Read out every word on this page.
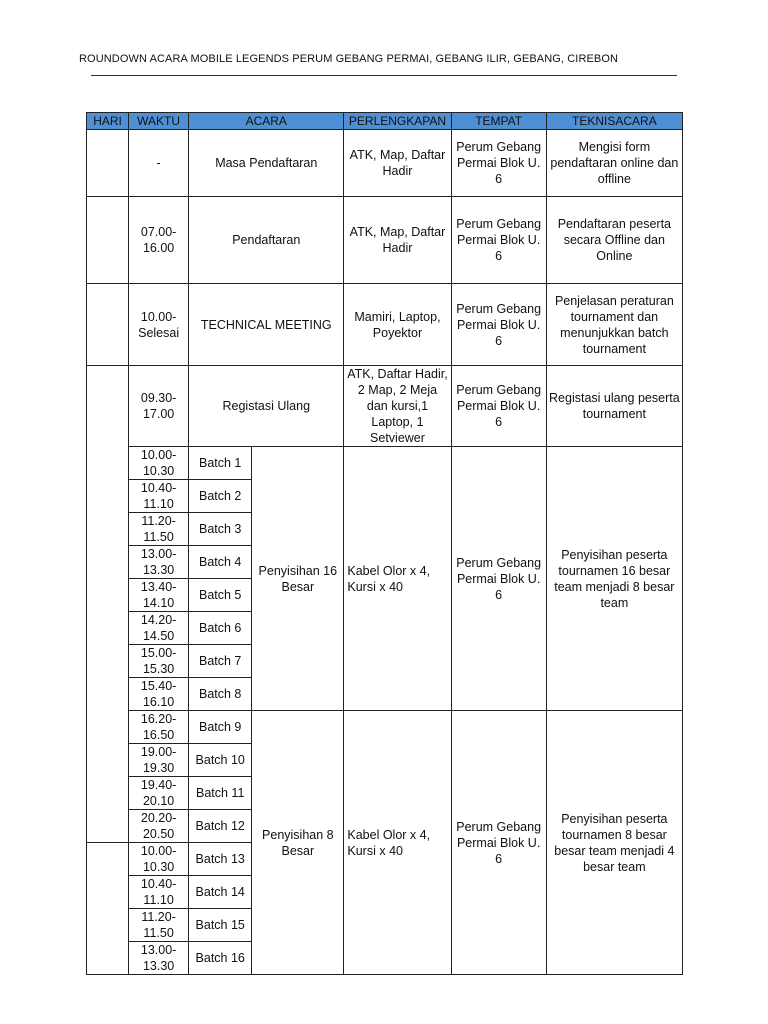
ROUNDOWN ACARA MOBILE LEGENDS PERUM GEBANG PERMAI, GEBANG ILIR, GEBANG, CIREBON
HARI	WAKTU	ACARA		PERLENGKAPAN	TEMPAT	TEKNISACARA
	-	Masa Pendaftaran		ATK, Map, Daftar Hadir	Perum Gebang Permai Blok U. 6	Mengisi form pendaftaran online dan offline
	07.00-16.00	Pendaftaran		ATK, Map, Daftar Hadir	Perum Gebang Permai Blok U. 6	Pendaftaran peserta secara Offline dan Online
	10.00-Selesai	TECHNICAL MEETING		Mamiri, Laptop, Poyektor	Perum Gebang Permai Blok U. 6	Penjelasan peraturan tournament dan menunjukkan batch tournament
	09.30-17.00	Registasi Ulang		ATK, Daftar Hadir, 2 Map, 2 Meja dan kursi,1 Laptop, 1 Setviewer	Perum Gebang Permai Blok U. 6	Registasi ulang peserta tournament
	10.00-10.30	Batch 1	Penyisihan 16 Besar	Kabel Olor x 4, Kursi x 40	Perum Gebang Permai Blok U. 6	Penyisihan peserta tournamen 16 besar team menjadi 8 besar team
	10.40-11.10	Batch 2				
	11.20-11.50	Batch 3				
	13.00-13.30	Batch 4				
	13.40-14.10	Batch 5				
	14.20-14.50	Batch 6				
	15.00-15.30	Batch 7				
	15.40-16.10	Batch 8				
	16.20-16.50	Batch 9	Penyisihan 8 Besar	Kabel Olor x 4, Kursi x 40	Perum Gebang Permai Blok U. 6	Penyisihan peserta tournamen 8 besar besar team menjadi 4 besar team
	19.00-19.30	Batch 10				
	19.40-20.10	Batch 11				
	20.20-20.50	Batch 12				
	10.00-10.30	Batch 13				
	10.40-11.10	Batch 14				
	11.20-11.50	Batch 15				
	13.00-13.30	Batch 16				
